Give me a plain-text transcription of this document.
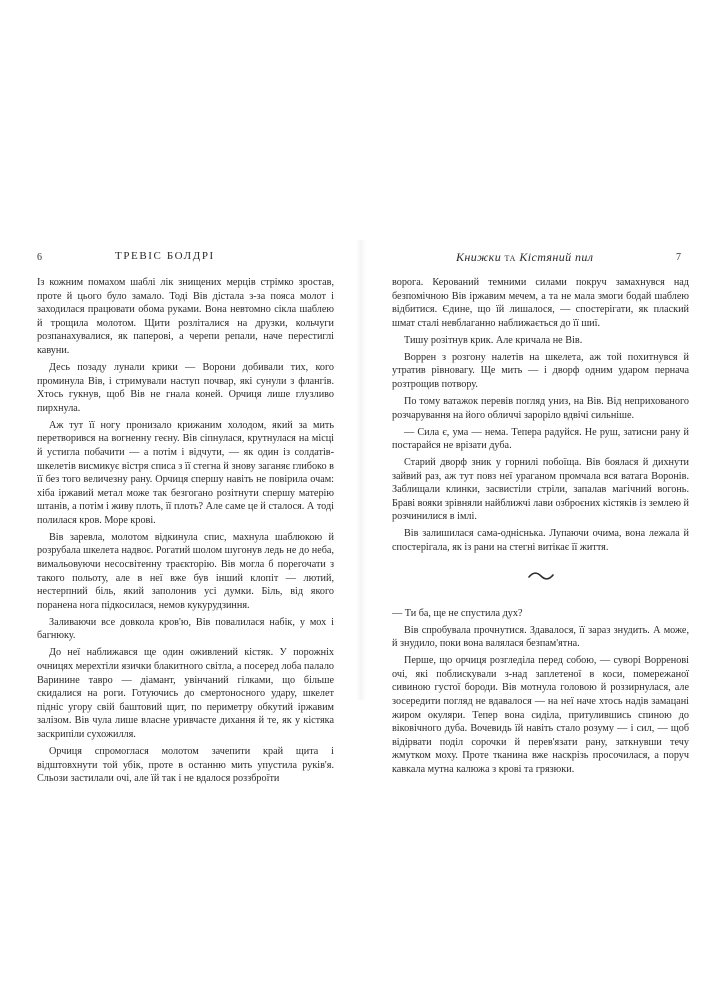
6	ТРЕВІС БОЛДРІ

Із кожним помахом шаблі лік знищених мерців стрімко зростав, проте й цього було замало. Тоді Вів дістала з-за пояса молот і заходилася працювати обома руками. Вона невтомно сікла шаблею й трощила молотом. Щити розліталися на друзки, кольчуги розпанахувалися, як паперові, а черепи репали, наче перестиглі кавуни.

Десь позаду лунали крики — Ворони добивали тих, кого проминула Вів, і стримували наступ почвар, які сунули з флангів. Хтось гукнув, щоб Вів не гнала коней. Орчиця лише глузливо пирхнула.

Аж тут її ногу пронизало крижаним холодом, який за мить перетворився на вогненну геєну. Вів сіпнулася, крутнулася на місці й устигла побачити — а потім і відчути, — як один із солдатів-шкелетів висмикує вістря списа з її стегна й знову заганяє глибоко в її без того величезну рану. Орчиця спершу навіть не повірила очам: хіба іржавий метал може так безгогано розітнути спершу матерію штанів, а потім і живу плоть, її плоть? Але саме це й сталося. А тоді полилася кров. Море крові.

Вів заревла, молотом відкинула спис, махнула шаблюкою й розрубала шкелета надвоє. Рогатий шолом шугонув ледь не до неба, вимальовуючи несосвітенну траєкторію. Вів могла б порегочати з такого польоту, але в неї вже був інший клопіт — лютий, нестерпний біль, який заполонив усі думки. Біль, від якого поранена нога підкосилася, немов кукурудзиння.

Заливаючи все довкола кров'ю, Вів повалилася набік, у мох і багнюку.

До неї наближався ще один оживлений кістяк. У порожніх очницях мерехтіли язички блакитного світла, а посеред лоба палало Варинине тавро — діамант, увінчаний гілками, що більше скидалися на роги. Готуючись до смертоносного удару, шкелет підніс угору свій баштовий щит, по периметру обкутий іржавим залізом. Вів чула лише власне уривчасте дихання й те, як у кістяка заскрипіли сухожилля.

Орчиця спромоглася молотом зачепити край щита і відштовхнути той убік, проте в останню мить упустила руків'я. Сльози застилали очі, але їй так і не вдалося роззброїти

Книжки ТА Кістяний пил	7

ворога. Керований темними силами покруч замахнувся над безпомічною Вів іржавим мечем, а та не мала змоги бодай шаблею відбитися. Єдине, що їй лишалося, — спостерігати, як плаский шмат сталі невблаганно наближається до її шиї.

Тишу розітнув крик. Але кричала не Вів.

Воррен з розгону налетів на шкелета, аж той похитнувся й утратив рівновагу. Ще мить — і дворф одним ударом перначa розтрощив потвору.

По тому ватажок перевів погляд униз, на Вів. Від неприхованого розчарування на його обличчі зароріло вдвічі сильніше.

— Сила є, ума — нема. Тепера радуйся. Не руш, затисни рану й постарайся не врізати дуба.

Старий дворф зник у горнилі побоїща. Вів боялася й дихнути зайвий раз, аж тут повз неї ураганом промчала вся ватага Воронів. Заблищали клинки, засвистіли стріли, запалав магічний вогонь. Браві вояки зрівняли найближчі лави озброєних кістяків із землею й розчинилися в імлі.

Вів залишилася сама-одніснька. Лупаючи очима, вона лежала й спостерігала, як із рани на стегні витікає її життя.

— Ти ба, ще не спустила дух?

Вів спробувала прочнутися. Здавалося, її зараз знудить. А може, й знудило, поки вона валялася безпам'ятна.

Перше, що орчиця розгледіла перед собою, — суворі Ворренові очі, які поблискували з-над заплетеної в коси, помережаної сивиною густої бороди. Вів мотнула головою й роззирнулася, але зосередити погляд не вдавалося — на неї наче хтось надів замацані жиром окуляри. Тепер вона сиділа, притулившись спиною до віковічного дуба. Вочевидь їй навіть стало розуму — і сил, — щоб відірвати поділ сорочки й перев'язати рану, заткнувши течу жмутком моху. Проте тканина вже наскрізь просочилася, а поруч кавкала мутна калюжа з крові та грязюки.
